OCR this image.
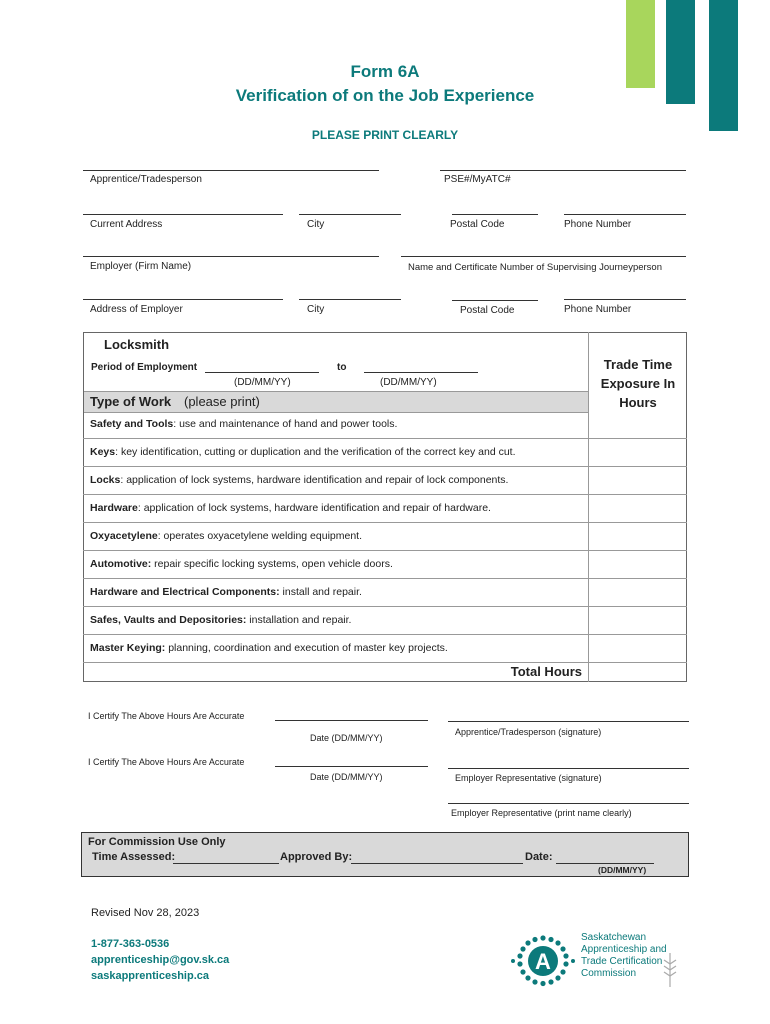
Form 6A
Verification of on the Job Experience
PLEASE PRINT CLEARLY
Apprentice/Tradesperson	PSE#/MyATC#
Current Address	City	Postal Code	Phone Number
Employer (Firm Name)	Name and Certificate Number of Supervising Journeyperson
Address of Employer	City	Postal Code	Phone Number
Locksmith
Period of Employment	to
(DD/MM/YY)	(DD/MM/YY)
Trade Time Exposure In Hours
Type of Work (please print)
Safety and Tools: use and maintenance of hand and power tools.
Keys: key identification, cutting or duplication and the verification of the correct key and cut.
Locks: application of lock systems, hardware identification and repair of lock components.
Hardware: application of lock systems, hardware identification and repair of hardware.
Oxyacetylene: operates oxyacetylene welding equipment.
Automotive: repair specific locking systems, open vehicle doors.
Hardware and Electrical Components: install and repair.
Safes, Vaults and Depositories: installation and repair.
Master Keying: planning, coordination and execution of master key projects.
Total Hours
I Certify The Above Hours Are Accurate
Date (DD/MM/YY)
Apprentice/Tradesperson (signature)
I Certify The Above Hours Are Accurate
Date (DD/MM/YY)	Employer Representative (signature)
Employer Representative (print name clearly)
For Commission Use Only
Time Assessed:	Approved By:	Date:
(DD/MM/YY)
Revised Nov 28, 2023
1-877-363-0536
apprenticeship@gov.sk.ca
saskapprenticeship.ca
A
Saskatchewan
Apprenticeship and
Trade Certification
Commission
